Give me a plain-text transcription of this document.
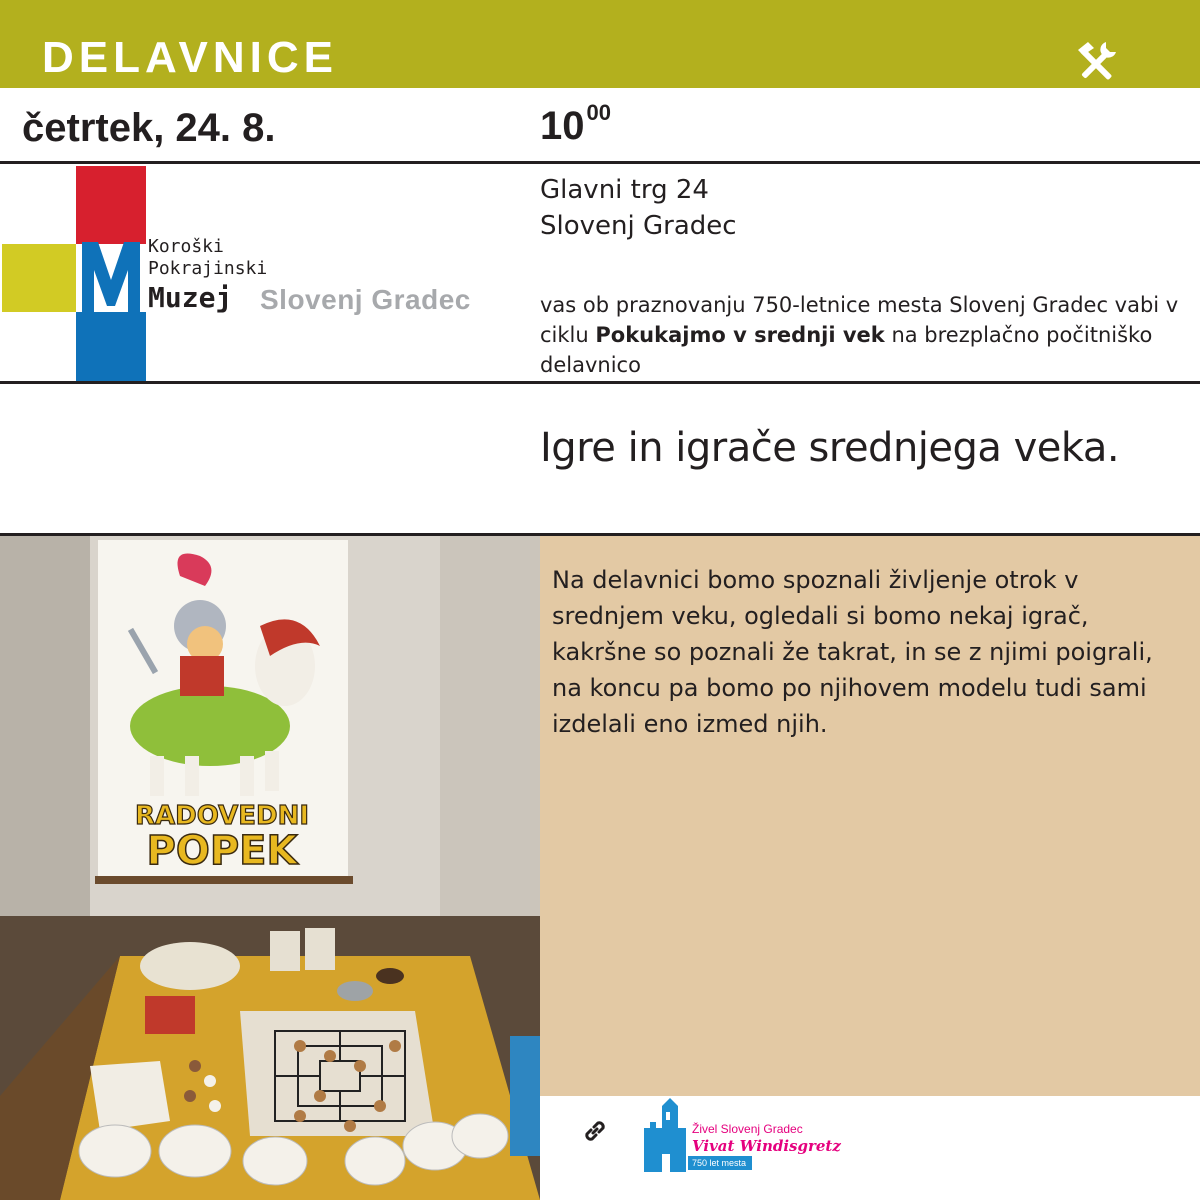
DELAVNICE
četrtek, 24. 8.	$10^{00}$
Koroški
Pokrajinski
Muzej Slovenj Gradec
Glavni trg 24
Slovenj Gradec
vas ob praznovanju 750-letnice mesta Slovenj Gradec vabi v ciklu Pokukajmo v srednji vek na brezplačno počitniško delavnico
Igre in igrače srednjega veka.
RADOVEDNI
POPEK
Na delavnici bomo spoznali življenje otrok v srednjem veku, ogledali si bomo nekaj igrač, kakršne so poznali že takrat, in se z njimi poigrali, na koncu pa bomo po njihovem modelu tudi sami izdelali eno izmed njih.
Živel Slovenj Gradec
Vivat Windisgretz
750 let mesta
